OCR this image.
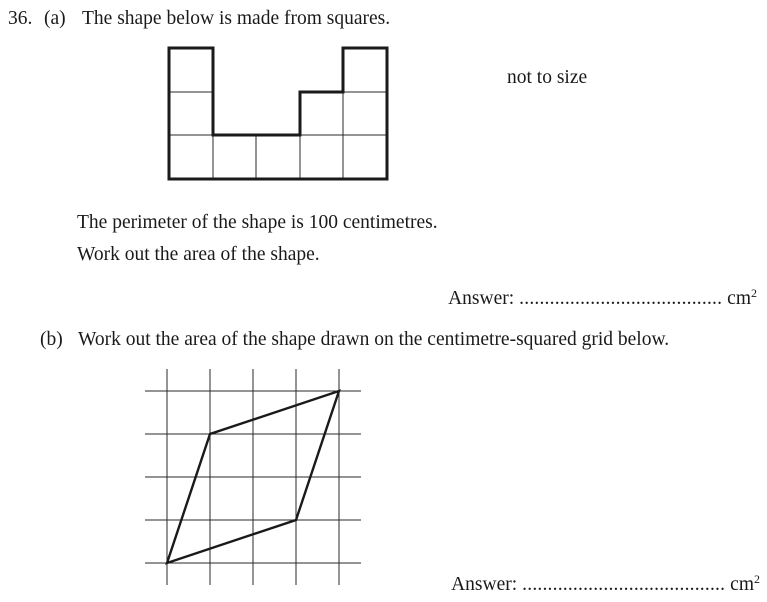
36. (a) The shape below is made from squares.
not to size
The perimeter of the shape is 100 centimetres.
Work out the area of the shape.
Answer: ........................................ $cm^2$
(b) Work out the area of the shape drawn on the centimetre-squared grid below.
Answer: ........................................ $cm^2$
